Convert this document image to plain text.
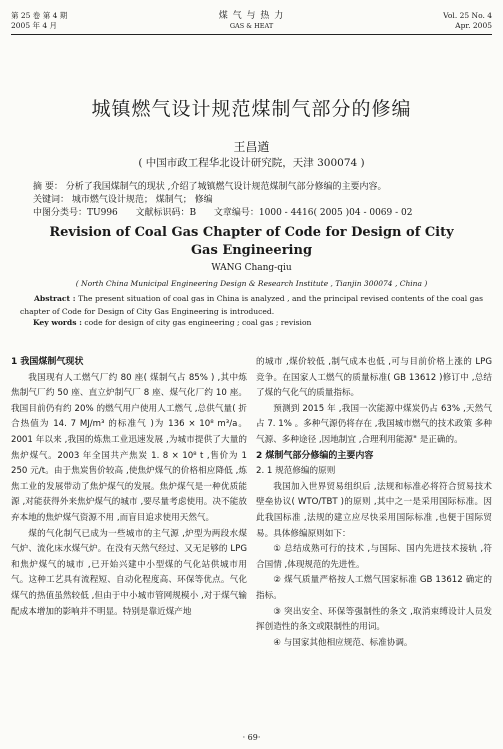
第 25 卷 第 4 期
2005 年 4 月
煤 气 与 热 力
GAS & HEAT
Vol. 25 No. 4
Apr. 2005
城镇燃气设计规范煤制气部分的修编
王昌遒
( 中国市政工程华北设计研究院，天津 300074 )
摘 要： 分析了我国煤制气的现状 ,介绍了城镇燃气设计规范煤制气部分修编的主要内容。
关键词： 城市燃气设计规范； 煤制气； 修编
中图分类号：TU996 文献标识码：B 文章编号：1000 - 4416( 2005 )04 - 0069 - 02
Revision of Coal Gas Chapter of Code for Design of City Gas Engineering
WANG Chang-qiu
( North China Municipal Engineering Design & Research Institute , Tianjin 300074 , China )
Abstract : The present situation of coal gas in China is analyzed , and the principal revised contents of the coal gas chapter of Code for Design of City Gas Engineering is introduced.
Key words : code for design of city gas engineering ; coal gas ; revision
1 我国煤制气现状

我国现有人工燃气厂约 80 座( 煤制气占 85% ) ,其中炼焦制气厂约 50 座、直立炉制气厂 8 座、煤气化厂约 10 座。我国目前仍有约 20% 的燃气用户使用人工燃气 ,总供气量( 折合热值为 14. 7 MJ/m³ 的标准气 )为 136 × 10⁸ m³/a。2001 年以来 ,我国的炼焦工业迅速发展 ,为城市提供了大量的焦炉煤气。2003 年全国共产焦炭 1. 8 × 10⁸ t ,售价为 1 250 元/t。由于焦炭售价较高 ,使焦炉煤气的价格相应降低 ,炼焦工业的发展带动了焦炉煤气的发展。焦炉煤气是一种优质能源 ,对能获得外来焦炉煤气的城市 ,要尽量考虑使用。决不能放弃本地的焦炉煤气资源不用 ,而盲目追求使用天然气。

煤的气化制气已成为一些城市的主气源 ,炉型为两段水煤气炉、流化床水煤气炉。在没有天然气经过、又无足够的 LPG 和焦炉煤气的城市 ,已开始兴建中小型煤的气化站供城市用气。这种工艺具有流程短、自动化程度高、环保等优点。气化煤气的热值虽然较低 ,但由于中小城市管网规模小 ,对于煤气输配成本增加的影响并不明显。特别是靠近煤产地

的城市 ,煤价较低 ,制气成本也低 ,可与目前价格上涨的 LPG 竞争。在国家人工燃气的质量标准( GB 13612 )修订中 ,总结了煤的气化气的质量指标。

预测到 2015 年 ,我国一次能源中煤炭仍占 63% ,天然气占 7. 1% 。多种气源仍将存在 ,我国城市燃气的技术政策 多种气源、多种途径 ,因地制宜 ,合理利用能源" 是正确的。

2 煤制气部分修编的主要内容
2. 1 规范修编的原则

我国加入世界贸易组织后 ,法规和标准必将符合贸易技术壁垒协议( WTO/TBT )的原则 ,其中之一是采用国际标准。因此我国标准 ,法规的建立应尽快采用国际标准 ,也便于国际贸易。具体修编原则如下：

① 总结成熟可行的技术 ,与国际、国内先进技术接轨 ,符合国情 ,体现规范的先进性。

② 煤气质量严格按人工燃气国家标准 GB 13612 确定的指标。

③ 突出安全、环保等强制性的条文 ,取消束缚设计人员发挥创造性的条文或限制性的用词。

④ 与国家其他相应规范、标准协调。

· 69·
